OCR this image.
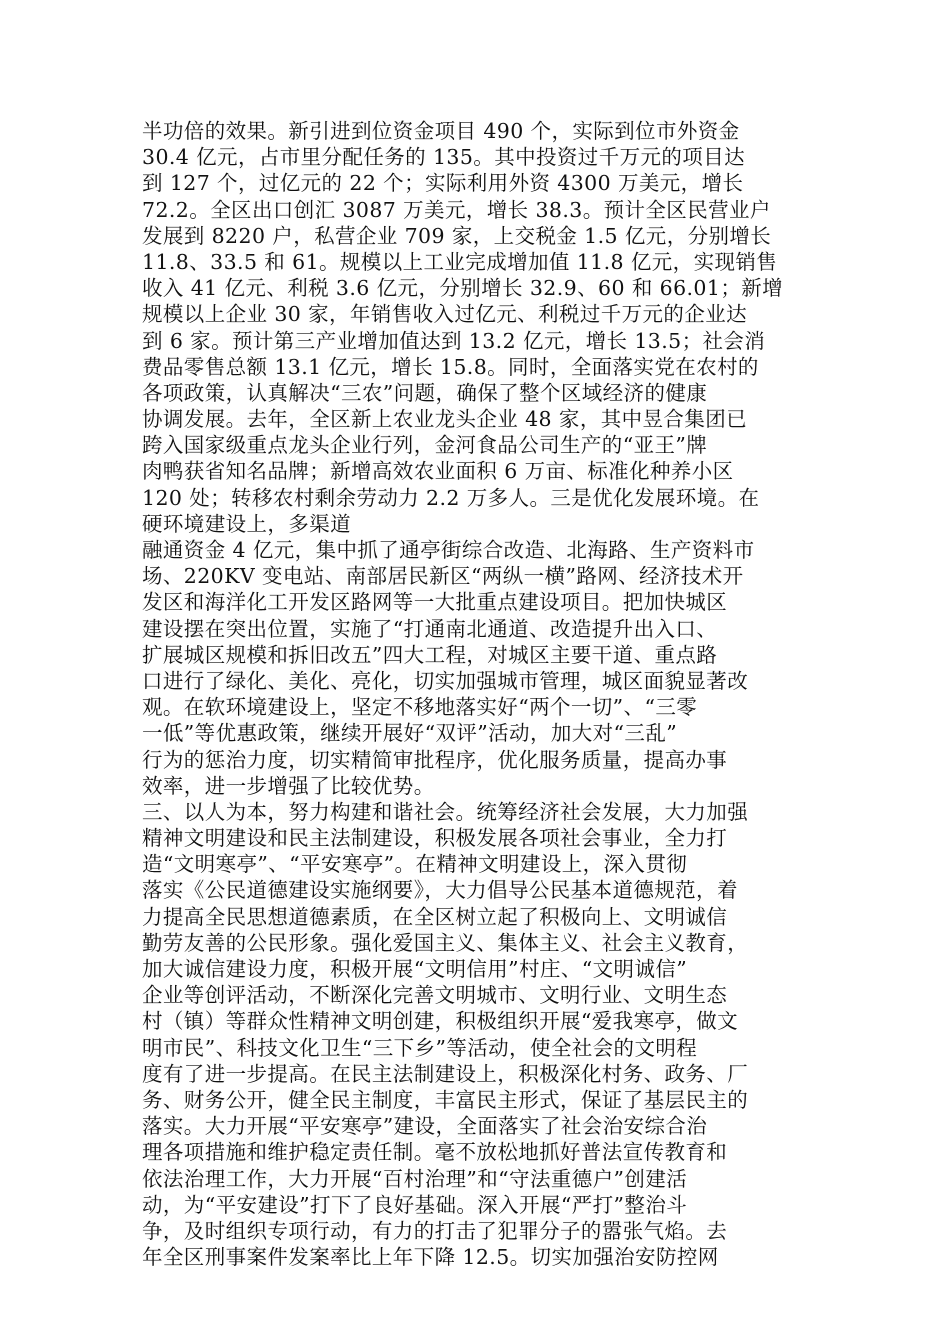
半功倍的效果。新引进到位资金项目 490 个，实际到位市外资金
30.4 亿元，占市里分配任务的 135。其中投资过千万元的项目达
到 127 个，过亿元的 22 个；实际利用外资 4300 万美元，增长
72.2。全区出口创汇 3087 万美元，增长 38.3。预计全区民营业户
发展到 8220 户，私营企业 709 家，上交税金 1.5 亿元，分别增长
11.8、33.5 和 61。规模以上工业完成增加值 11.8 亿元，实现销售
收入 41 亿元、利税 3.6 亿元，分别增长 32.9、60 和 66.01；新增
规模以上企业 30 家，年销售收入过亿元、利税过千万元的企业达
到 6 家。预计第三产业增加值达到 13.2 亿元，增长 13.5；社会消
费品零售总额 13.1 亿元，增长 15.8。同时，全面落实党在农村的
各项政策，认真解决“三农”问题，确保了整个区域经济的健康
协调发展。去年，全区新上农业龙头企业 48 家，其中昱合集团已
跨入国家级重点龙头企业行列，金河食品公司生产的“亚王”牌
肉鸭获省知名品牌；新增高效农业面积 6 万亩、标准化种养小区
120 处；转移农村剩余劳动力 2.2 万多人。三是优化发展环境。在
硬环境建设上，多渠道
融通资金 4 亿元，集中抓了通亭街综合改造、北海路、生产资料市
场、220KV 变电站、南部居民新区“两纵一横”路网、经济技术开
发区和海洋化工开发区路网等一大批重点建设项目。把加快城区
建设摆在突出位置，实施了“打通南北通道、改造提升出入口、
扩展城区规模和拆旧改五”四大工程，对城区主要干道、重点路
口进行了绿化、美化、亮化，切实加强城市管理，城区面貌显著改
观。在软环境建设上，坚定不移地落实好“两个一切”、“三零
一低”等优惠政策，继续开展好“双评”活动，加大对“三乱”
行为的惩治力度，切实精简审批程序，优化服务质量，提高办事
效率，进一步增强了比较优势。
三、以人为本，努力构建和谐社会。统筹经济社会发展，大力加强
精神文明建设和民主法制建设，积极发展各项社会事业，全力打
造“文明寒亭”、“平安寒亭”。在精神文明建设上，深入贯彻
落实《公民道德建设实施纲要》，大力倡导公民基本道德规范，着
力提高全民思想道德素质，在全区树立起了积极向上、文明诚信
勤劳友善的公民形象。强化爱国主义、集体主义、社会主义教育，
加大诚信建设力度，积极开展“文明信用”村庄、“文明诚信”
企业等创评活动，不断深化完善文明城市、文明行业、文明生态
村（镇）等群众性精神文明创建，积极组织开展“爱我寒亭，做文
明市民”、科技文化卫生“三下乡”等活动，使全社会的文明程
度有了进一步提高。在民主法制建设上，积极深化村务、政务、厂
务、财务公开，健全民主制度，丰富民主形式，保证了基层民主的
落实。大力开展“平安寒亭”建设，全面落实了社会治安综合治
理各项措施和维护稳定责任制。毫不放松地抓好普法宣传教育和
依法治理工作，大力开展“百村治理”和“守法重德户”创建活
动，为“平安建设”打下了良好基础。深入开展“严打”整治斗
争，及时组织专项行动，有力的打击了犯罪分子的嚣张气焰。去
年全区刑事案件发案率比上年下降 12.5。切实加强治安防控网
